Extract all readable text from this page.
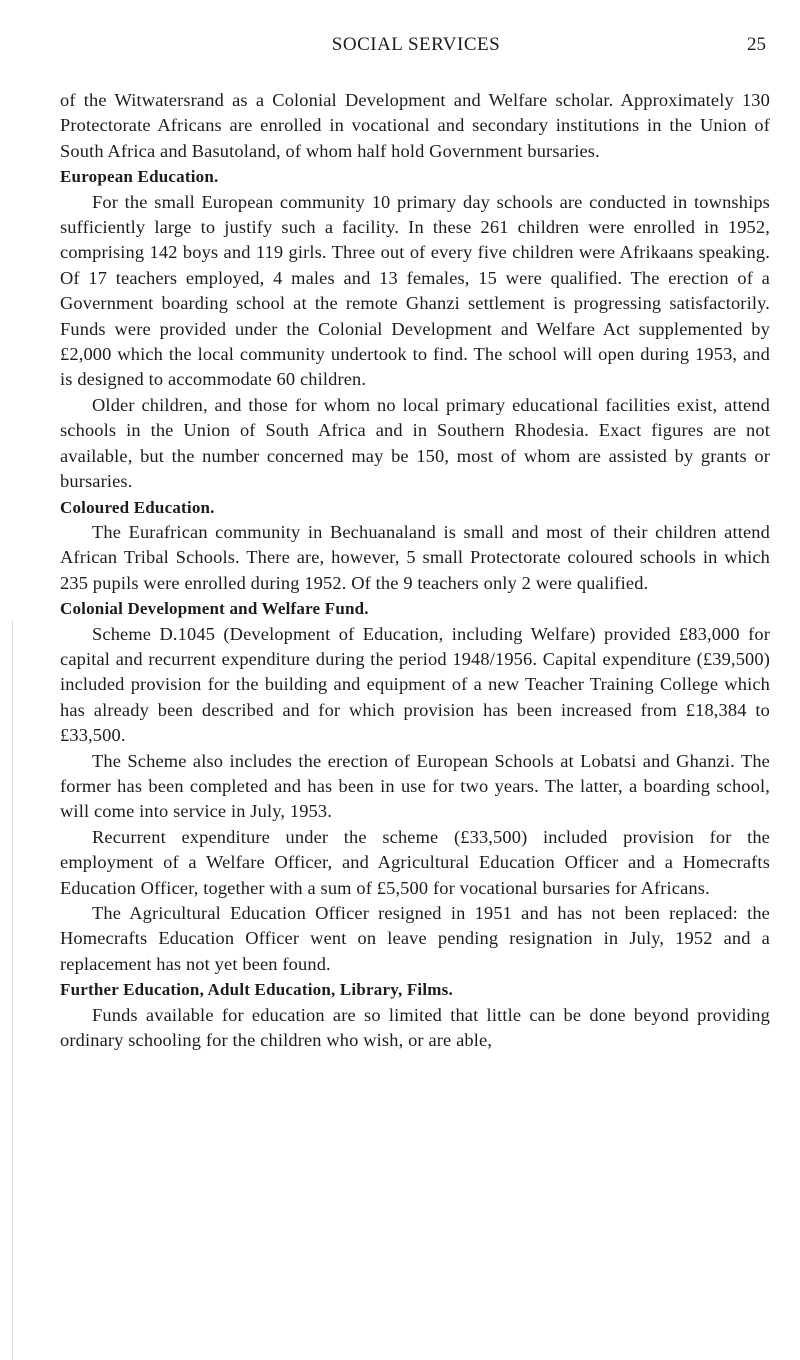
SOCIAL SERVICES	25

of the Witwatersrand as a Colonial Development and Welfare scholar. Approximately 130 Protectorate Africans are enrolled in vocational and secondary institutions in the Union of South Africa and Basutoland, of whom half hold Government bursaries.

European Education.

For the small European community 10 primary day schools are conducted in townships sufficiently large to justify such a facility. In these 261 children were enrolled in 1952, comprising 142 boys and 119 girls. Three out of every five children were Afrikaans speaking. Of 17 teachers employed, 4 males and 13 females, 15 were qualified. The erection of a Government boarding school at the remote Ghanzi settlement is progressing satisfactorily. Funds were provided under the Colonial Development and Welfare Act supplemented by £2,000 which the local community undertook to find. The school will open during 1953, and is designed to accommodate 60 children.

Older children, and those for whom no local primary educational facilities exist, attend schools in the Union of South Africa and in Southern Rhodesia. Exact figures are not available, but the number concerned may be 150, most of whom are assisted by grants or bursaries.

Coloured Education.

The Eurafrican community in Bechuanaland is small and most of their children attend African Tribal Schools. There are, however, 5 small Protectorate coloured schools in which 235 pupils were enrolled during 1952. Of the 9 teachers only 2 were qualified.

Colonial Development and Welfare Fund.

Scheme D.1045 (Development of Education, including Welfare) provided £83,000 for capital and recurrent expenditure during the period 1948/1956. Capital expenditure (£39,500) included provision for the building and equipment of a new Teacher Training College which has already been described and for which provision has been increased from £18,384 to £33,500.

The Scheme also includes the erection of European Schools at Lobatsi and Ghanzi. The former has been completed and has been in use for two years. The latter, a boarding school, will come into service in July, 1953.

Recurrent expenditure under the scheme (£33,500) included provision for the employment of a Welfare Officer, and Agricultural Education Officer and a Homecrafts Education Officer, together with a sum of £5,500 for vocational bursaries for Africans.

The Agricultural Education Officer resigned in 1951 and has not been replaced: the Homecrafts Education Officer went on leave pending resignation in July, 1952 and a replacement has not yet been found.

Further Education, Adult Education, Library, Films.

Funds available for education are so limited that little can be done beyond providing ordinary schooling for the children who wish, or are able,
